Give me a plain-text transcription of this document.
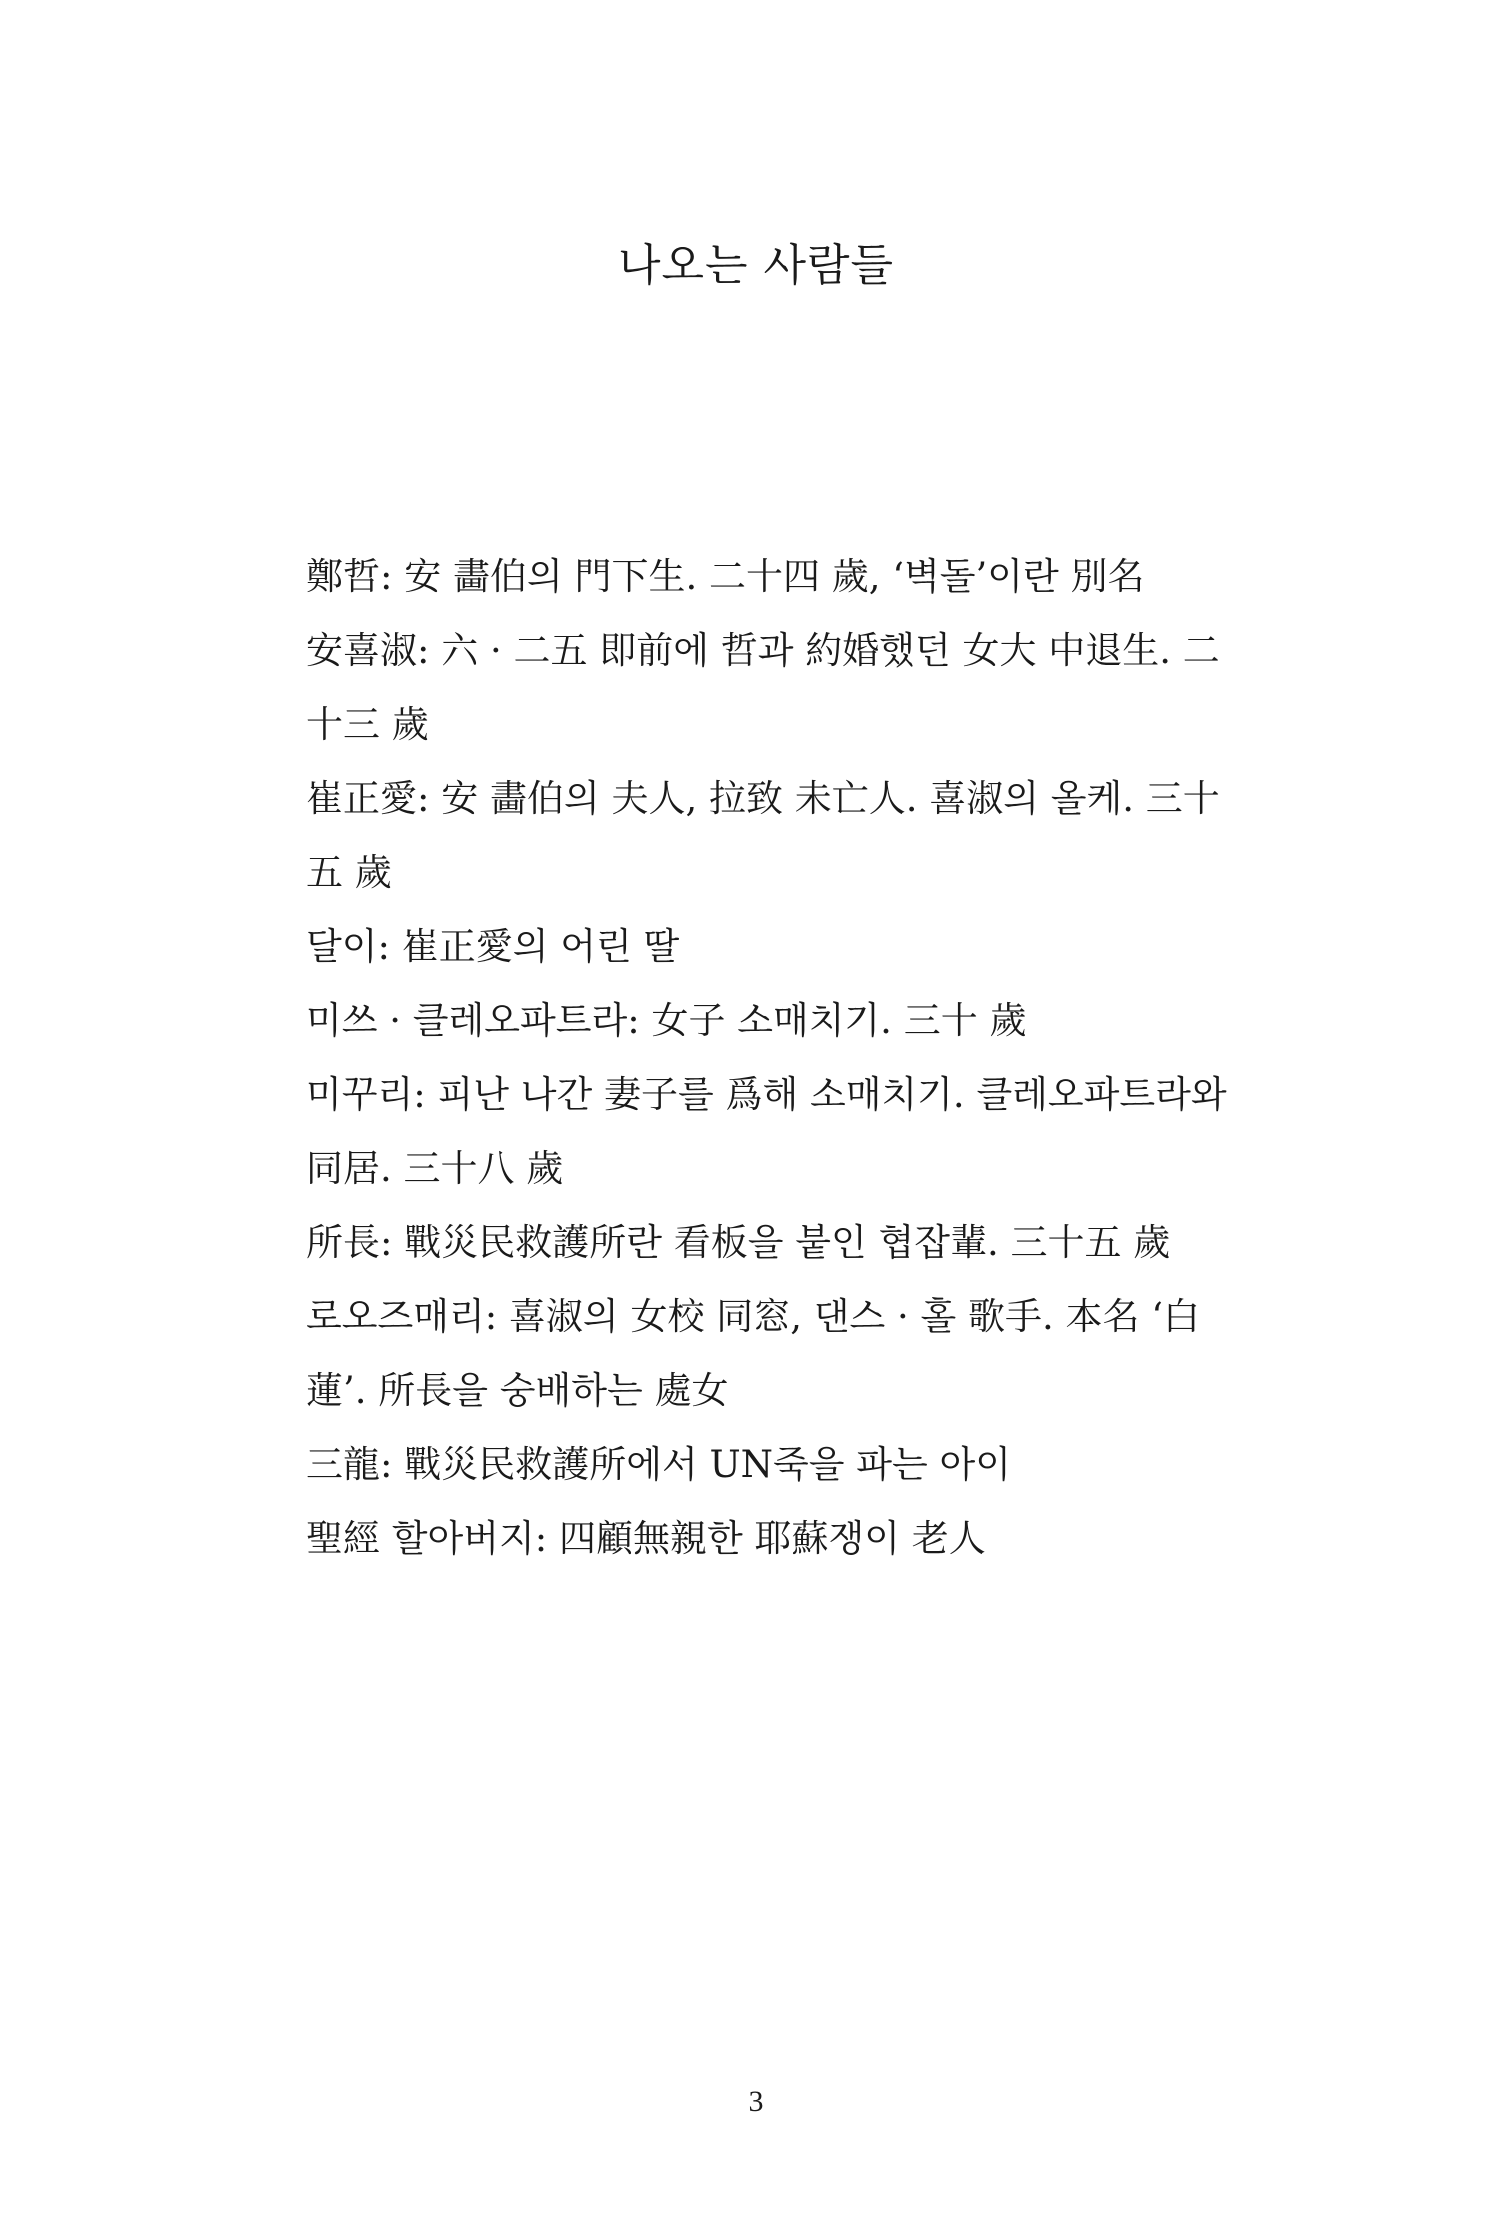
나오는 사람들
鄭哲: 安 畵伯의 門下生. 二十四 歲, ‘벽돌’이란 別名
安喜淑: 六 · 二五 即前에 哲과 約婚했던 女大 中退生. 二十三 歲
崔正愛: 安 畵伯의 夫人, 拉致 未亡人. 喜淑의 올케. 三十五 歲
달이: 崔正愛의 어린 딸
미쓰 · 클레오파트라: 女子 소매치기. 三十 歲
미꾸리: 피난 나간 妻子를 爲해 소매치기. 클레오파트라와 同居. 三十八 歲
所長: 戰災民救護所란 看板을 붙인 협잡輩. 三十五 歲
로오즈매리: 喜淑의 女校 同窓, 댄스 · 홀 歌手. 本名 ‘白蓮’. 所長을 숭배하는 處女
三龍: 戰災民救護所에서 UN죽을 파는 아이
聖經 할아버지: 四顧無親한 耶蘇쟁이 老人
3
